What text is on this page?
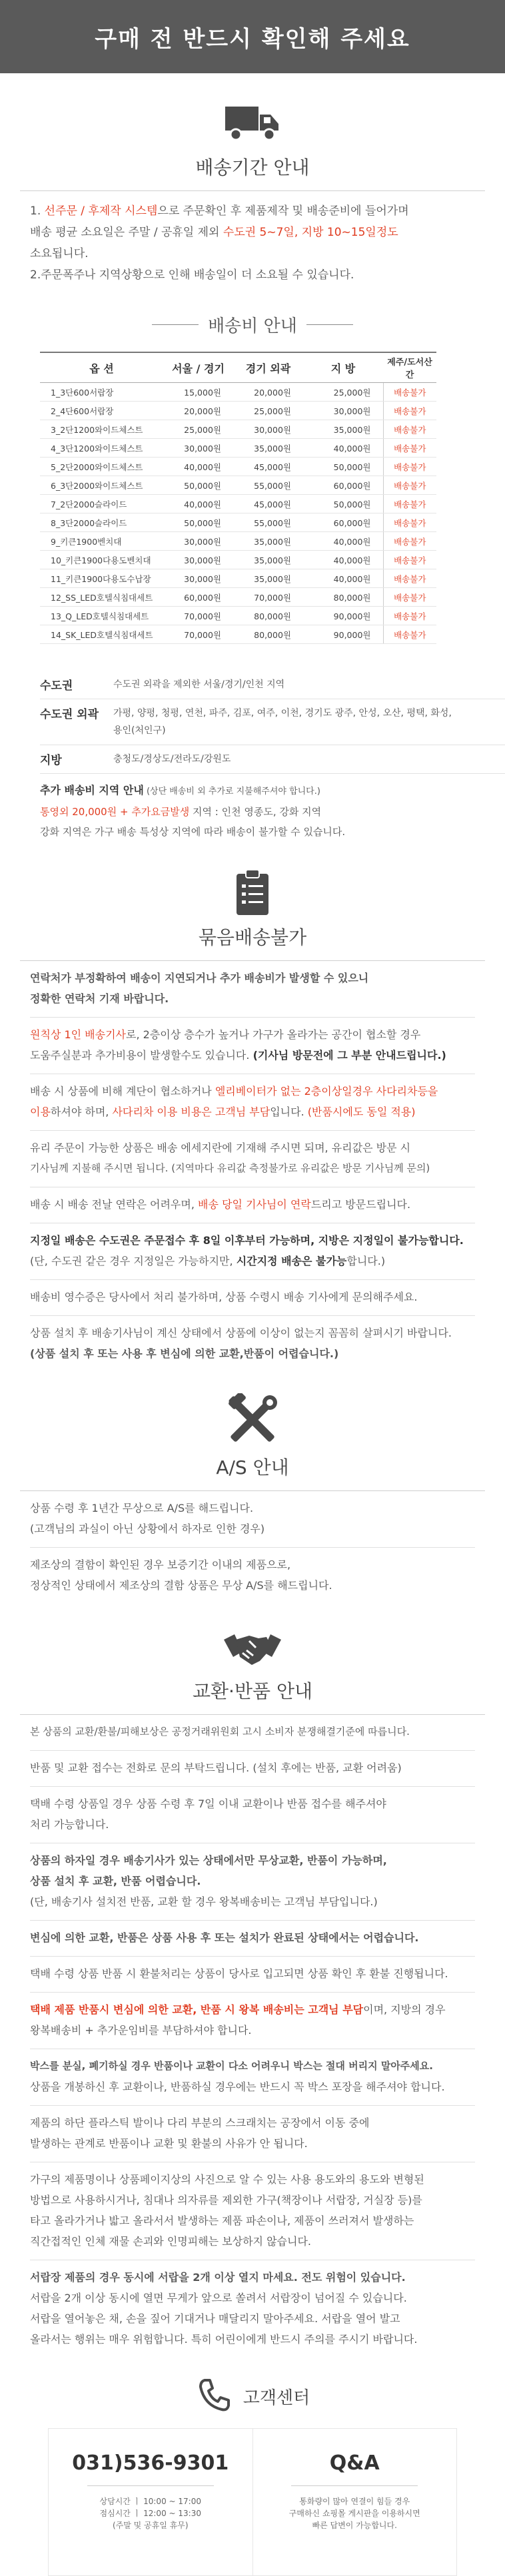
구매 전 반드시 확인해 주세요
배송기간 안내

1. 선주문 / 후제작 시스템으로 주문확인 후 제품제작 및 배송준비에 들어가며

배송 평균 소요일은 주말 / 공휴일 제외 수도권 5~7일, 지방 10~15일정도

소요됩니다.

2.주문폭주나 지역상황으로 인해 배송일이 더 소요될 수 있습니다.

배송비 안내
옵 션	서울 / 경기	경기 외곽	지 방	제주/도서산간
1_3단600서랍장	15,000원	20,000원	25,000원	배송불가
2_4단600서랍장	20,000원	25,000원	30,000원	배송불가
3_2단1200와이드체스트	25,000원	30,000원	35,000원	배송불가
4_3단1200와이드체스트	30,000원	35,000원	40,000원	배송불가
5_2단2000와이드체스트	40,000원	45,000원	50,000원	배송불가
6_3단2000와이드체스트	50,000원	55,000원	60,000원	배송불가
7_2단2000슬라이드	40,000원	45,000원	50,000원	배송불가
8_3단2000슬라이드	50,000원	55,000원	60,000원	배송불가
9_키큰1900벤치대	30,000원	35,000원	40,000원	배송불가
10_키큰1900다용도벤치대	30,000원	35,000원	40,000원	배송불가
11_키큰1900다용도수납장	30,000원	35,000원	40,000원	배송불가
12_SS_LED호텔식침대세트	60,000원	70,000원	80,000원	배송불가
13_Q_LED호텔식침대세트	70,000원	80,000원	90,000원	배송불가
14_SK_LED호텔식침대세트	70,000원	80,000원	90,000원	배송불가
수도권	수도권 외곽을 제외한 서울/경기/인천 지역
수도권 외곽	가평, 양평, 청평, 연천, 파주, 김포, 여주, 이천, 경기도 광주, 안성, 오산, 평택, 화성, 용인(처인구)
지방	충청도/경상도/전라도/강원도

추가 배송비 지역 안내 (상단 배송비 외 추가로 지불해주셔야 합니다.)

통영외 20,000원 + 추가요금발생 지역 : 인천 영종도, 강화 지역

강화 지역은 가구 배송 특성상 지역에 따라 배송이 불가할 수 있습니다.

묶음배송불가

연락처가 부정확하여 배송이 지연되거나 추가 배송비가 발생할 수 있으니

정확한 연락처 기재 바랍니다.

원칙상 1인 배송기사로, 2층이상 층수가 높거나 가구가 올라가는 공간이 협소할 경우

도움주실분과 추가비용이 발생할수도 있습니다. (기사님 방문전에 그 부분 안내드립니다.)

배송 시 상품에 비해 계단이 협소하거나 엘리베이터가 없는 2층이상일경우 사다리차등을

이용하셔야 하며, 사다리차 이용 비용은 고객님 부담입니다. (반품시에도 동일 적용)

유리 주문이 가능한 상품은 배송 에세지란에 기재해 주시면 되며, 유리값은 방문 시

기사님께 지불해 주시면 됩니다. (지역마다 유리값 측정불가로 유리값은 방문 기사님께 문의)

배송 시 배송 전날 연락은 어려우며, 배송 당일 기사님이 연락드리고 방문드립니다.

지정일 배송은 수도권은 주문접수 후 8일 이후부터 가능하며, 지방은 지정일이 불가능합니다.

(단, 수도권 같은 경우 지정일은 가능하지만, 시간지정 배송은 불가능합니다.)

배송비 영수증은 당사에서 처리 불가하며, 상품 수령시 배송 기사에게 문의해주세요.

상품 설치 후 배송기사님이 계신 상태에서 상품에 이상이 없는지 꼼꼼히 살펴시기 바랍니다.

(상품 설치 후 또는 사용 후 변심에 의한 교환,반품이 어렵습니다.)

A/S 안내

상품 수령 후 1년간 무상으로 A/S를 해드립니다.

(고객님의 과실이 아닌 상황에서 하자로 인한 경우)

제조상의 결함이 확인된 경우 보증기간 이내의 제품으로,

정상적인 상태에서 제조상의 결함 상품은 무상 A/S를 해드립니다.

교환·반품 안내

본 상품의 교환/환불/피해보상은 공정거래위원회 고시 소비자 분쟁해결기준에 따릅니다.

반품 및 교환 접수는 전화로 문의 부탁드립니다. (설치 후에는 반품, 교환 어려움)

택배 수령 상품일 경우 상품 수령 후 7일 이내 교환이나 반품 접수를 해주셔야

처리 가능합니다.

상품의 하자일 경우 배송기사가 있는 상태에서만 무상교환, 반품이 가능하며,

상품 설치 후 교환, 반품 어렵습니다.

(단, 배송기사 설치전 반품, 교환 할 경우 왕복배송비는 고객님 부담입니다.)

변심에 의한 교환, 반품은 상품 사용 후 또는 설치가 완료된 상태에서는 어렵습니다.

택배 수령 상품 반품 시 환불처리는 상품이 당사로 입고되면 상품 확인 후 환불 진행됩니다.

택배 제품 반품시 변심에 의한 교환, 반품 시 왕복 배송비는 고객님 부담이며, 지방의 경우

왕복배송비 + 추가운임비를 부담하셔야 합니다.

박스를 분실, 폐기하실 경우 반품이나 교환이 다소 어려우니 박스는 절대 버리지 말아주세요.

상품을 개봉하신 후 교환이나, 반품하실 경우에는 반드시 꼭 박스 포장을 해주셔야 합니다.

제품의 하단 플라스틱 발이나 다리 부분의 스크래치는 공장에서 이동 중에

발생하는 관계로 반품이나 교환 및 환불의 사유가 안 됩니다.

가구의 제품명이나 상품페이지상의 사진으로 알 수 있는 사용 용도와의 용도와 변형된

방법으로 사용하시거나, 침대나 의자류를 제외한 가구(책장이나 서랍장, 거실장 등)를

타고 올라가거나 밟고 올라서서 발생하는 제품 파손이나, 제품이 쓰러져서 발생하는

직간접적인 인체 재물 손괴와 인명피해는 보상하지 않습니다.

서랍장 제품의 경우 동시에 서랍을 2개 이상 열지 마세요. 전도 위험이 있습니다.

서랍을 2개 이상 동시에 열면 무게가 앞으로 쏠려서 서랍장이 넘어질 수 있습니다.

서랍을 열어놓은 채, 손을 짚어 기대거나 매달리지 말아주세요. 서랍을 열어 발고

올라서는 행위는 매우 위험합니다. 특히 어린이에게 반드시 주의를 주시기 바랍니다.

고객센터
031)536-9301
상담시간 ㅣ 10:00 ~ 17:00
점심시간 ㅣ 12:00 ~ 13:30
(주말 및 공휴일 휴무)
Q&A
통화량이 많아 연결이 힘들 경우
구매하신 쇼핑몰 게시판을 이용하시면
빠른 답변이 가능합니다.
